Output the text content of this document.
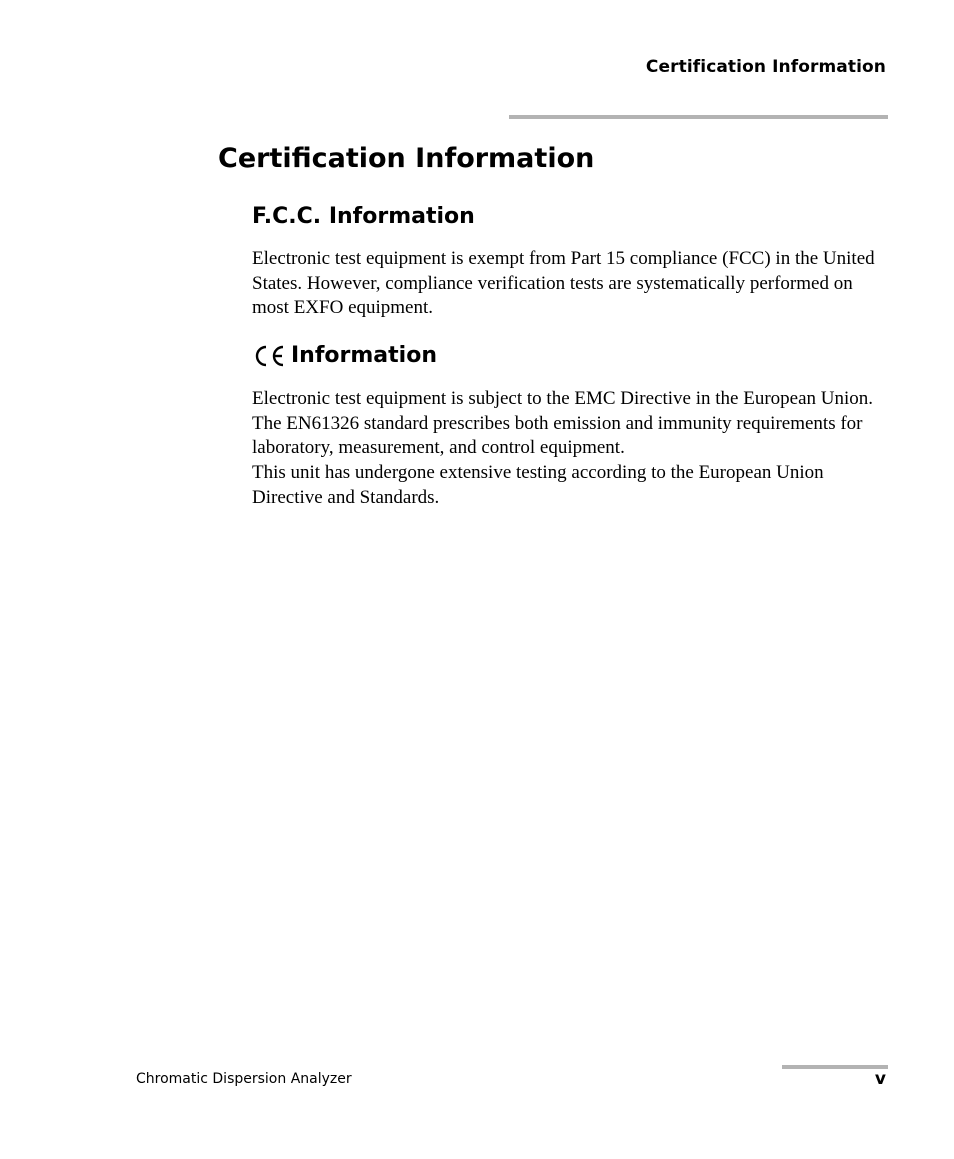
Certification Information
Certification Information
F.C.C. Information

Electronic test equipment is exempt from Part 15 compliance (FCC) in the United States. However, compliance verification tests are systematically performed on most EXFO equipment.

Information

Electronic test equipment is subject to the EMC Directive in the European Union. The EN61326 standard prescribes both emission and immunity requirements for laboratory, measurement, and control equipment.

This unit has undergone extensive testing according to the European Union Directive and Standards.

Chromatic Dispersion Analyzer	v
